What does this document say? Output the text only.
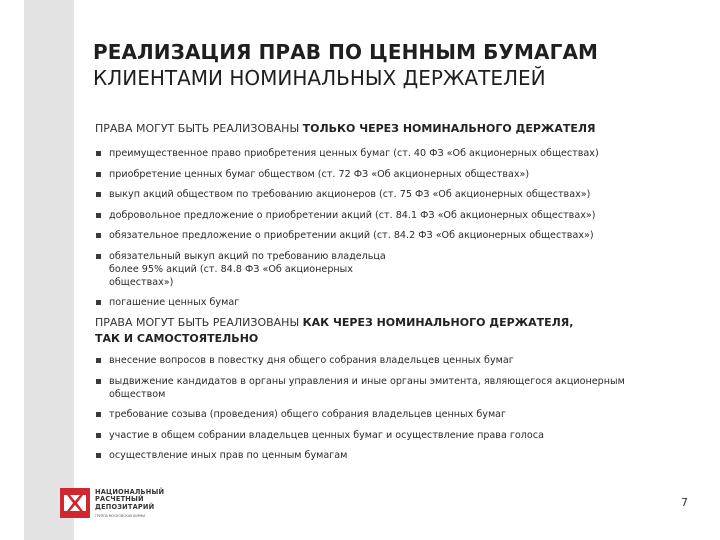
РЕАЛИЗАЦИЯ ПРАВ ПО ЦЕННЫМ БУМАГАМ
КЛИЕНТАМИ НОМИНАЛЬНЫХ ДЕРЖАТЕЛЕЙ
ПРАВА МОГУТ БЫТЬ РЕАЛИЗОВАНЫ ТОЛЬКО ЧЕРЕЗ НОМИНАЛЬНОГО ДЕРЖАТЕЛЯ
преимущественное право приобретения ценных бумаг (ст. 40 ФЗ «Об акционерных обществах)
приобретение ценных бумаг обществом (ст. 72 ФЗ «Об акционерных обществах»)
выкуп акций обществом по требованию акционеров (ст. 75 ФЗ «Об акционерных обществах»)
добровольное предложение о приобретении акций (ст. 84.1 ФЗ «Об акционерных обществах»)
обязательное предложение о приобретении акций (ст. 84.2 ФЗ «Об акционерных обществах»)
обязательный выкуп акций по требованию владельца более 95% акций (ст. 84.8 ФЗ «Об акционерных обществах»)
погашение ценных бумаг
ПРАВА МОГУТ БЫТЬ РЕАЛИЗОВАНЫ КАК ЧЕРЕЗ НОМИНАЛЬНОГО ДЕРЖАТЕЛЯ,
ТАК И САМОСТОЯТЕЛЬНО
внесение вопросов в повестку дня общего собрания владельцев ценных бумаг
выдвижение кандидатов в органы управления и иные органы эмитента, являющегося акционерным обществом
требование созыва (проведения) общего собрания владельцев ценных бумаг
участие в общем собрании владельцев ценных бумаг и осуществление права голоса
осуществление иных прав по ценным бумагам
НАЦИОНАЛЬНЫЙ
РАСЧЕТНЫЙ
ДЕПОЗИТАРИЙ
ГРУППА МОСКОВСКАЯ БИРЖА
7
